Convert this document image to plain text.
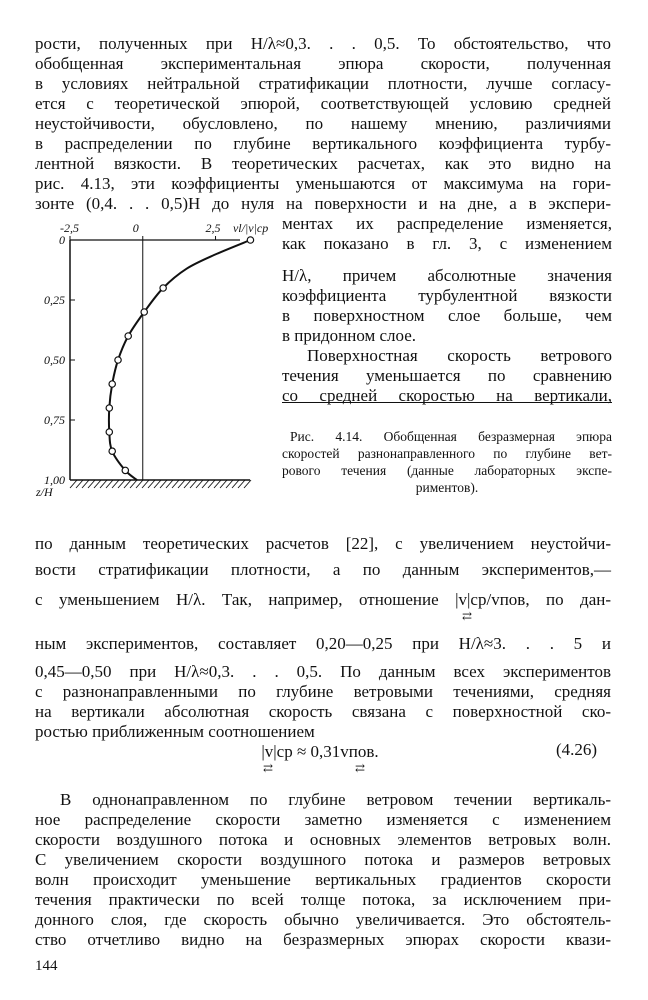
рости, полученных при H/λ≈0,3. . . 0,5. То обстоятельство, что
обобщенная экспериментальная эпюра скорости, полученная
в условиях нейтральной стратификации плотности, лучше согласу-
ется с теоретической эпюрой, соответствующей условию средней
неустойчивости, обусловлено, по нашему мнению, различиями
в распределении по глубине вертикального коэффициента турбу-
лентной вязкости. В теоретических расчетах, как это видно на
рис. 4.13, эти коэффициенты уменьшаются от максимума на гори-
зонте (0,4. . . 0,5)H до нуля на поверхности и на дне, а в экспери-
ментах их распределение изменяется,
как показано в гл. 3, с изменением
H/λ, причем абсолютные значения
коэффициента турбулентной вязкости
в поверхностном слое больше, чем
в придонном слое.
Поверхностная скорость ветрового
течения уменьшается по сравнению
со средней скоростью на вертикали,
Рис. 4.14. Обобщенная безразмерная эпюра
скоростей разнонаправленного по глубине вет-
рового течения (данные лабораторных экспе-
риментов).
-2,5	0	2,5 vl/|v|ср
0
0,25
0,50
0,75
1,00
z/H
по данным теоретических расчетов [22], с увеличением неустойчи-
вости стратификации плотности, а по данным экспериментов,—
с уменьшением H/λ. Так, например, отношение |v|ср/vпов, по дан-
⇄
ным экспериментов, составляет 0,20—0,25 при H/λ≈3. . . 5 и
0,45—0,50 при H/λ≈0,3. . . 0,5. По данным всех экспериментов
с разнонаправленными по глубине ветровыми течениями, средняя
на вертикали абсолютная скорость связана с поверхностной ско-
ростью приближенным соотношением
|v|ср ≈ 0,31vпов.	(4.26)
⇄	⇄
В однонаправленном по глубине ветровом течении вертикаль-
ное распределение скорости заметно изменяется с изменением
скорости воздушного потока и основных элементов ветровых волн.
С увеличением скорости воздушного потока и размеров ветровых
волн происходит уменьшение вертикальных градиентов скорости
течения практически по всей толще потока, за исключением при-
донного слоя, где скорость обычно увеличивается. Это обстоятель-
ство отчетливо видно на безразмерных эпюрах скорости квази-
144
